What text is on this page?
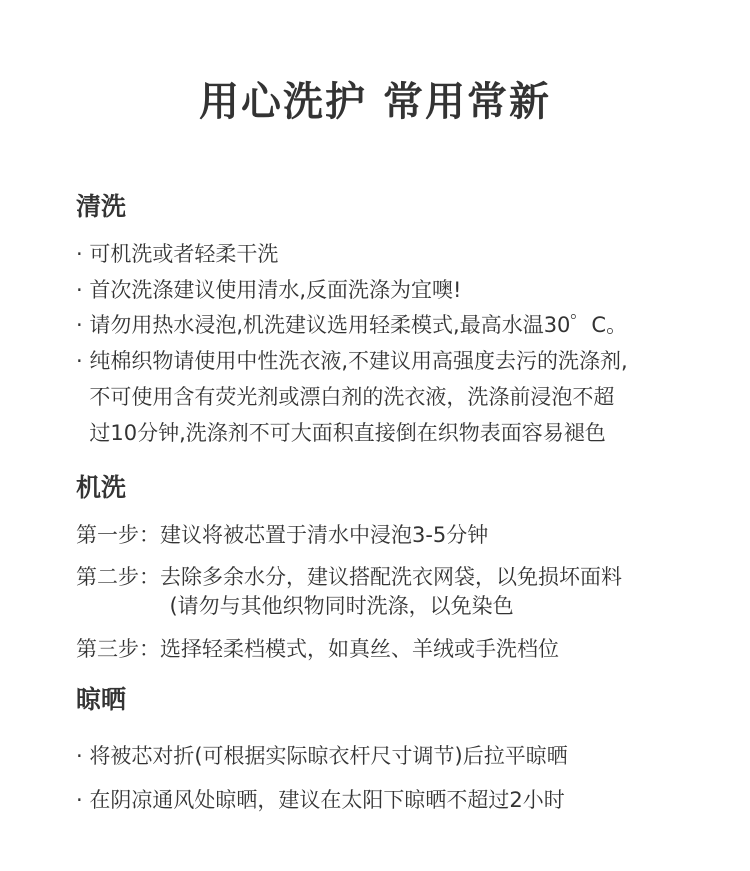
用心洗护 常用常新
清洗
· 可机洗或者轻柔干洗
· 首次洗涤建议使用清水,反面洗涤为宜噢!
· 请勿用热水浸泡,机洗建议选用轻柔模式,最高水温30゜C。
· 纯棉织物请使用中性洗衣液,不建议用高强度去污的洗涤剂,
不可使用含有荧光剂或漂白剂的洗衣液，洗涤前浸泡不超
过10分钟,洗涤剂不可大面积直接倒在织物表面容易褪色
机洗
第一步：建议将被芯置于清水中浸泡3-5分钟
第二步：去除多余水分，建议搭配洗衣网袋，以免损坏面料
(请勿与其他织物同时洗涤，以免染色
第三步：选择轻柔档模式，如真丝、羊绒或手洗档位
晾晒
· 将被芯对折(可根据实际晾衣杆尺寸调节)后拉平晾晒
· 在阴凉通风处晾晒，建议在太阳下晾晒不超过2小时
